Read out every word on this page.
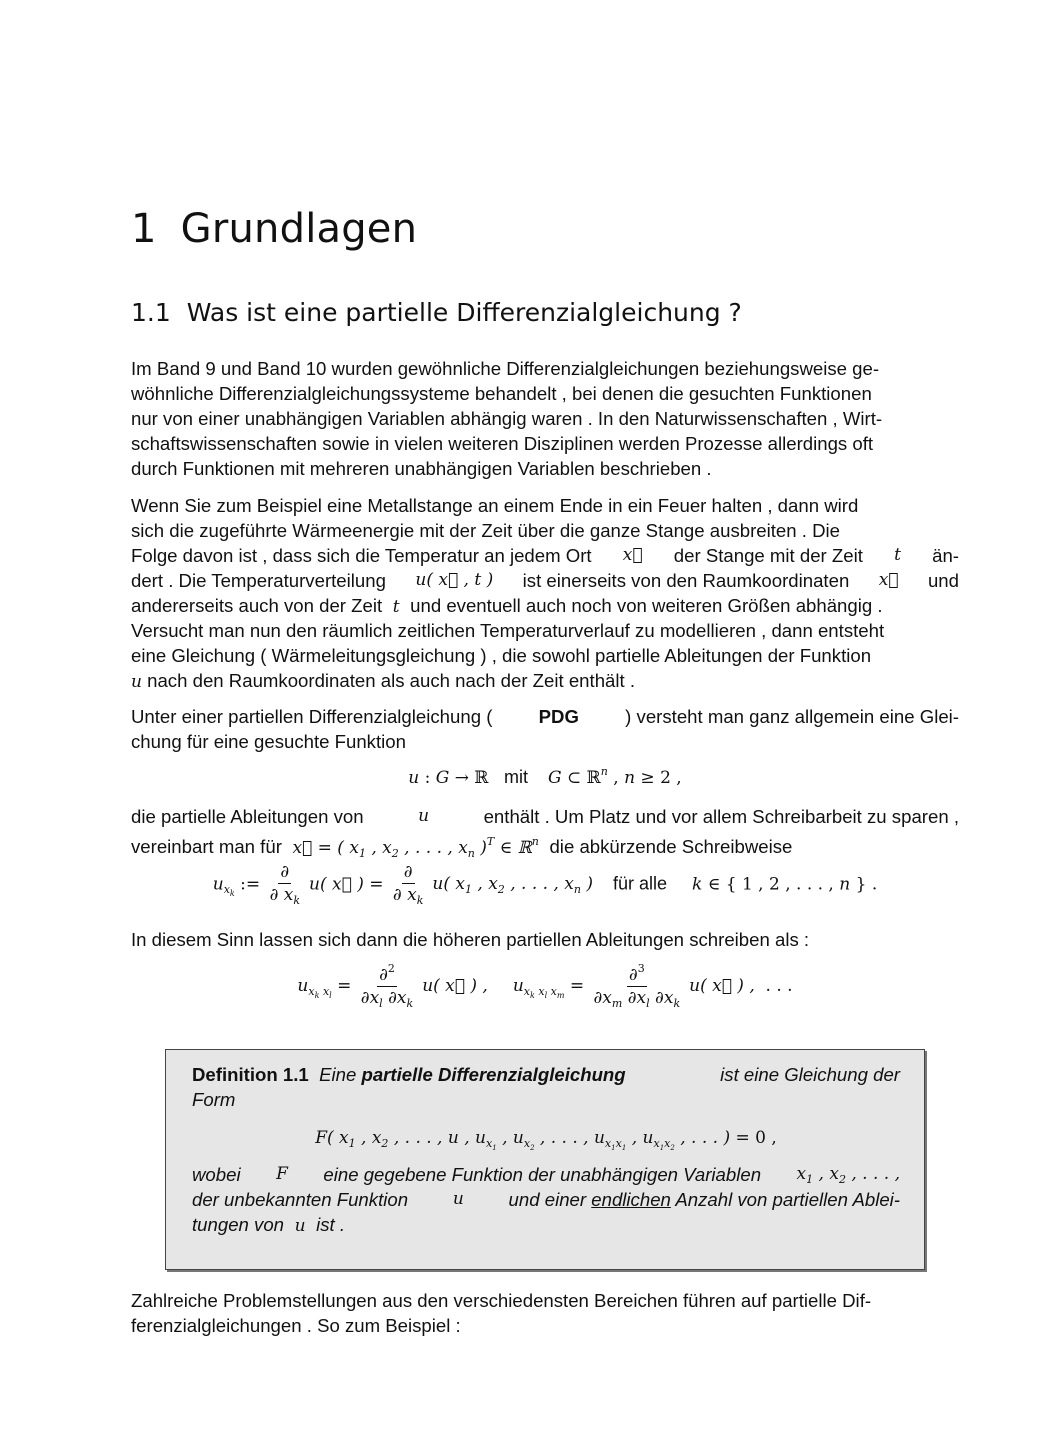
1 Grundlagen
1.1 Was ist eine partielle Differenzialgleichung ?
Im Band 9 und Band 10 wurden gewöhnliche Differenzialgleichungen beziehungsweise ge-
wöhnliche Differenzialgleichungssysteme behandelt , bei denen die gesuchten Funktionen
nur von einer unabhängigen Variablen abhängig waren . In den Naturwissenschaften , Wirt-
schaftswissenschaften sowie in vielen weiteren Disziplinen werden Prozesse allerdings oft
durch Funktionen mit mehreren unabhängigen Variablen beschrieben .
Wenn Sie zum Beispiel eine Metallstange an einem Ende in ein Feuer halten , dann wird
sich die zugeführte Wärmeenergie mit der Zeit über die ganze Stange ausbreiten . Die
Folge davon ist , dass sich die Temperatur an jedem Ort x⃗ der Stange mit der Zeit t än-
dert . Die Temperaturverteilung u( x⃗ , t ) ist einerseits von den Raumkoordinaten x⃗ und
andererseits auch von der Zeit  t  und eventuell auch noch von weiteren Größen abhängig .
Versucht man nun den räumlich zeitlichen Temperaturverlauf zu modellieren , dann entsteht
eine Gleichung ( Wärmeleitungsgleichung ) , die sowohl partielle Ableitungen der Funktion
u nach den Raumkoordinaten als auch nach der Zeit enthält .
Unter einer partiellen Differenzialgleichung ( PDG ) versteht man ganz allgemein eine Glei-
chung für eine gesuchte Funktion
u : G → ℝ   mit G ⊂ ℝ$^n$ , n ≥ 2 ,
die partielle Ableitungen von	u	enthält . Um Platz und vor allem Schreibarbeit zu sparen ,
vereinbart man für  x⃗ = ( $x_1$ , $x_2$ , . . . , $x_n$ )$^T$ ∈ ℝ$^n$ die abkürzende Schreibweise
$u_{x_k}$ := $\frac{\partial}{\partial x_k} u$( x⃗ ) = $\frac{\partial}{\partial x_k} u$( $x_1$ , $x_2$ , . . . , $x_n$ ) für alle k ∈ { 1 , 2 , . . . , n } .
In diesem Sinn lassen sich dann die höheren partiellen Ableitungen schreiben als :
$u_{x_k x_l} = \frac{\partial^2}{\partial x_l \partial x_k} u$( x⃗ ) , $u_{x_k x_l x_m} = \frac{\partial^3}{\partial x_m \partial x_l \partial x_k} u$( x⃗ ) ,  . . .
Definition 1.1 Eine partielle Differenzialgleichung	ist eine Gleichung der
Form
F( $x_1$ , $x_2$ , . . . , u , $u_{x_1}$ , $u_{x_2}$ , . . . , $u_{x_1x_1}$ , $u_{x_1x_2}$ , . . . ) = 0 ,
wobei F eine gegebene Funktion der unabhängigen Variablen $x_1$ , $x_2$ , . . . ,
der unbekannten Funktion	u und einer endlichen Anzahl von partiellen Ablei-
tungen von  u  ist .
Zahlreiche Problemstellungen aus den verschiedensten Bereichen führen auf partielle Dif-
ferenzialgleichungen . So zum Beispiel :
